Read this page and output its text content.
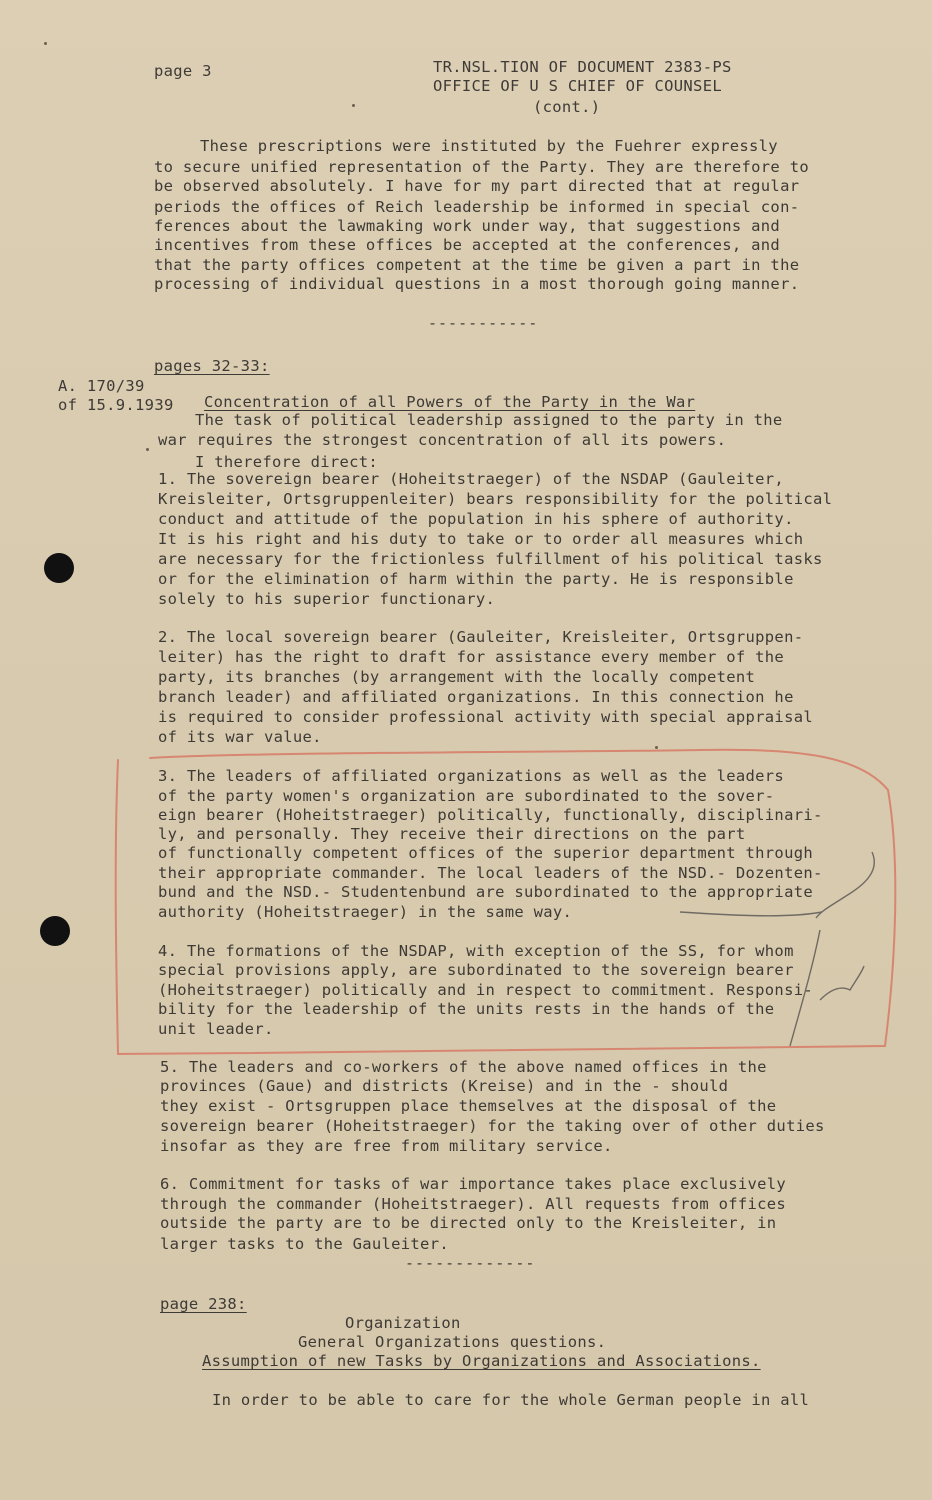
page 3	TR.NSL.TION OF DOCUMENT 2383-PS
OFFICE OF U S CHIEF OF COUNSEL
(cont.)
These prescriptions were instituted by the Fuehrer expressly
to secure unified representation of the Party. They are therefore to
be observed absolutely. I have for my part directed that at regular
periods the offices of Reich leadership be informed in special con-
ferences about the lawmaking work under way, that suggestions and
incentives from these offices be accepted at the conferences, and
that the party offices competent at the time be given a part in the
processing of individual questions in a most thorough going manner.
-----------
pages 32-33:
A. 170/39
of 15.9.1939 Concentration of all Powers of the Party in the War
The task of political leadership assigned to the party in the
war requires the strongest concentration of all its powers.
I therefore direct:
1. The sovereign bearer (Hoheitstraeger) of the NSDAP (Gauleiter,
Kreisleiter, Ortsgruppenleiter) bears responsibility for the political
conduct and attitude of the population in his sphere of authority.
It is his right and his duty to take or to order all measures which
are necessary for the frictionless fulfillment of his political tasks
or for the elimination of harm within the party. He is responsible
solely to his superior functionary.
2. The local sovereign bearer (Gauleiter, Kreisleiter, Ortsgruppen-
leiter) has the right to draft for assistance every member of the
party, its branches (by arrangement with the locally competent
branch leader) and affiliated organizations. In this connection he
is required to consider professional activity with special appraisal
of its war value.
3. The leaders of affiliated organizations as well as the leaders
of the party women's organization are subordinated to the sover-
eign bearer (Hoheitstraeger) politically, functionally, disciplinari-
ly, and personally. They receive their directions on the part
of functionally competent offices of the superior department through
their appropriate commander. The local leaders of the NSD.- Dozenten-
bund and the NSD.- Studentenbund are subordinated to the appropriate
authority (Hoheitstraeger) in the same way.
4. The formations of the NSDAP, with exception of the SS, for whom
special provisions apply, are subordinated to the sovereign bearer
(Hoheitstraeger) politically and in respect to commitment. Responsi-
bility for the leadership of the units rests in the hands of the
unit leader.
5. The leaders and co-workers of the above named offices in the
provinces (Gaue) and districts (Kreise) and in the - should
they exist - Ortsgruppen place themselves at the disposal of the
sovereign bearer (Hoheitstraeger) for the taking over of other duties
insofar as they are free from military service.
6. Commitment for tasks of war importance takes place exclusively
through the commander (Hoheitstraeger). All requests from offices
outside the party are to be directed only to the Kreisleiter, in
larger tasks to the Gauleiter.
-------------
page 238:
Organization
General Organizations questions.
Assumption of new Tasks by Organizations and Associations.
In order to be able to care for the whole German people in all
